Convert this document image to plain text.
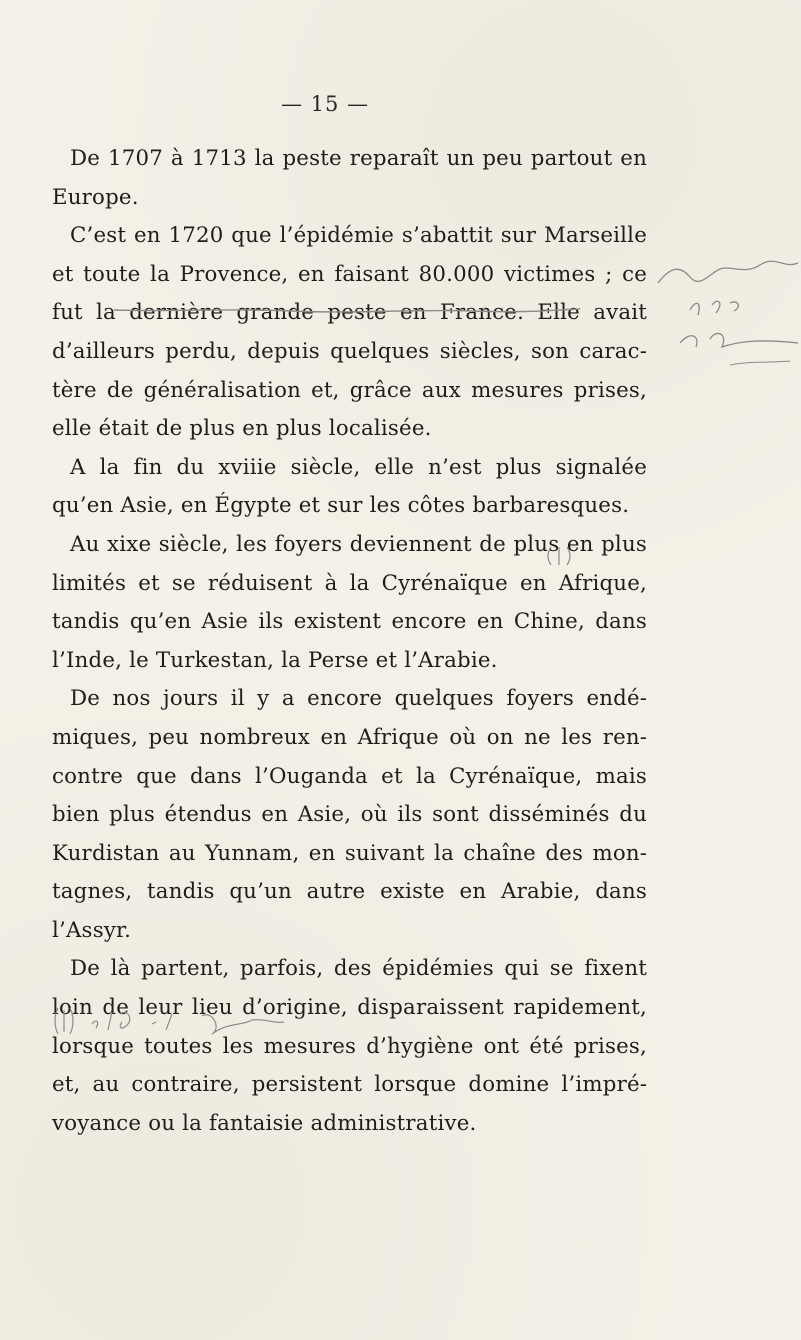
— 15 —

De 1707 à 1713 la peste reparaît un peu partout en Europe.

C’est en 1720 que l’épidémie s’abattit sur Marseille et toute la Provence, en faisant 80.000 victimes ; ce fut la dernière grande peste en France. Elle avait d’ailleurs perdu, depuis quelques siècles, son caractère de généralisation et, grâce aux mesures prises, elle était de plus en plus localisée.

A la fin du xviiie siècle, elle n’est plus signalée qu’en Asie, en Égypte et sur les côtes barbaresques.

Au xixe siècle, les foyers deviennent de plus en plus limités et se réduisent à la Cyrénaïque en Afrique, tandis qu’en Asie ils existent encore en Chine, dans l’Inde, le Turkestan, la Perse et l’Arabie.

De nos jours il y a encore quelques foyers endémiques, peu nombreux en Afrique où on ne les rencontre que dans l’Ouganda et la Cyrénaïque, mais bien plus étendus en Asie, où ils sont disséminés du Kurdistan au Yunnam, en suivant la chaîne des montagnes, tandis qu’un autre existe en Arabie, dans l’Assyr.

De là partent, parfois, des épidémies qui se fixent loin de leur lieu d’origine, disparaissent rapidement, lorsque toutes les mesures d’hygiène ont été prises, et, au contraire, persistent lorsque domine l’imprévoyance ou la fantaisie administrative.
